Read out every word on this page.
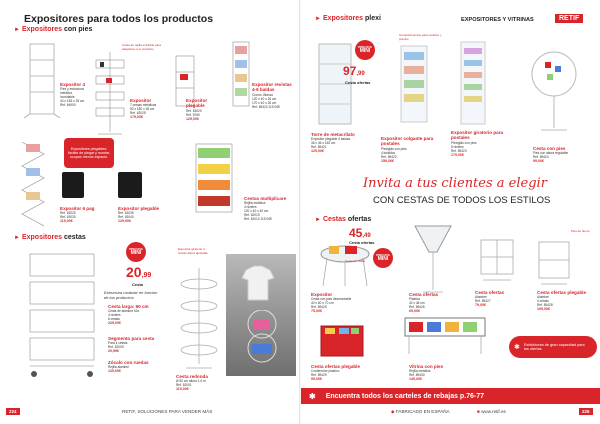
Expositores para todos los productos
► Expositores con pies
Expositor 4
Pies y estructura metálica.
Inoxidable.
40 x 156 x 35 cm
Ref. 64900
Cesta de rejilla extraíble para adaptarse a tu producto
Expositor
7 cestas metálicas
50 x 180 x 35 cm
Ref. 62025
179,00€
Expositor plegable
Ref. 63020
Ref. 8760
125,00€
Expositor revistas 4-6 baldas
Cromo. Blanco
120 x 40 x 26 cm
170 x 40 x 26 cm
Ref. 65320 119,00€
Expositores plegables: fáciles de plegar y montar, ocupan menos espacio.
Expositor 6 pag
Ref. 63025
Ref. 63030
119,00€
Expositor plegable
Ref. 63035
Ref. 63040
129,00€
Cestas multiplicare
Rejilla metálica
4 niveles
120 x 40 x 40 cm
Ref. 62015
Ref. 62010 119,00€
► Expositores cestas
PRECIOS
MINI
20,99
Cesta
Estructura modular en función de tus productos
Expositor giratorio 4 cestas altura ajustable
Cesta larga: 60 cm
Cesta de alambre 60x
4 niveles
6 cestas
229,00€
Segmento para cesta
Para 4 cestas
Ref. 62005
20,99€
Zócalo con ruedas
Rejilla alambre
129,00€
Cesta redonda
Ø 50 cm altura 1,6 m
Ref. 62001
119,00€
224	RETIF, SOLUCIONES PARA VENDER MÁS
► Expositores plexi	EXPOSITORES Y VITRINAS	RETIF
PRECIOS
MINI
97,99
Cesta ofertas
Compartimentos para carteles y precios
Torre de metacrilato
Expositor plegable 4 baldas
36 x 36 x 162 cm
Ref. 89421
129,00€
Expositor colgante para postales
Plexiglás con pies
4 bolsillos
Ref. 89422
159,00€
Expositor giratorio para postales
Plexiglás con pies
5 niveles
Ref. 89423
179,00€
Cesta con pies
Pies con altura regulable
Ref. 89424
99,00€
Invita a tus clientes a elegir
CON CESTAS DE TODOS LOS ESTILOS
► Cestas ofertas
45,49
Cesta ofertas
PRECIOS
MINI
Cesta de malla
Pies de hierro
Expositor
Cesta con pies desmontable
40 x 60 x 70 cm
Ref. 89425
75,00€
Cesta ofertas
Plástico
42 x 48 cm
Ref. 89426
69,00€
Cesta ofertas
Alambre
Ref. 89427
79,00€
Cesta ofertas plegable
Alambre
4 cestas
Ref. 89428
109,00€
Cesta ofertas plegable
Contenedor plástico
Ref. 89429
99,00€
Vitrina con pies
Rejilla metálica
Ref. 89430
149,00€
✱ Exhibidores de gran capacidad para tus ofertas
✱ Encuentra todos los carteles de rebajas p.76-77
◆ FABRICADO EN ESPAÑA	■ www.retif.es	225
